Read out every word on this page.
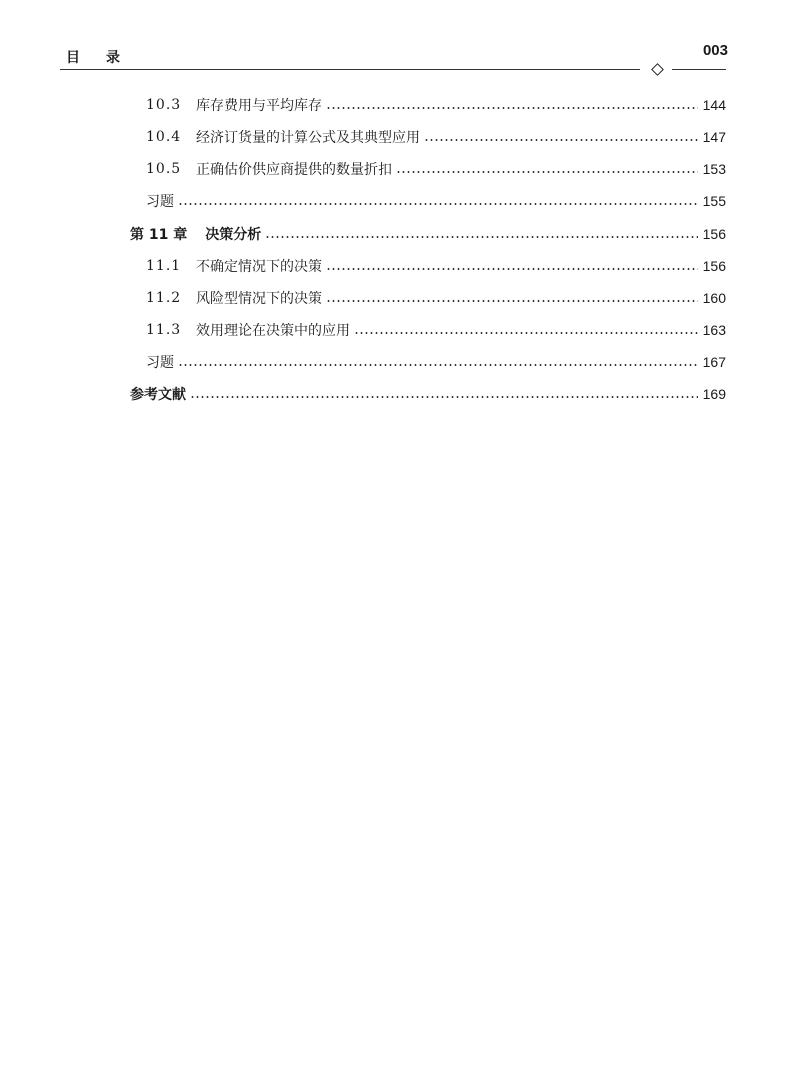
目录	003
10.3	库存费用与平均库存	144
10.4	经济订货量的计算公式及其典型应用	147
10.5	正确估价供应商提供的数量折扣	153
习题	155
第 11 章 决策分析	156
11.1	不确定情况下的决策	156
11.2	风险型情况下的决策	160
11.3	效用理论在决策中的应用	163
习题	167
参考文献	169
